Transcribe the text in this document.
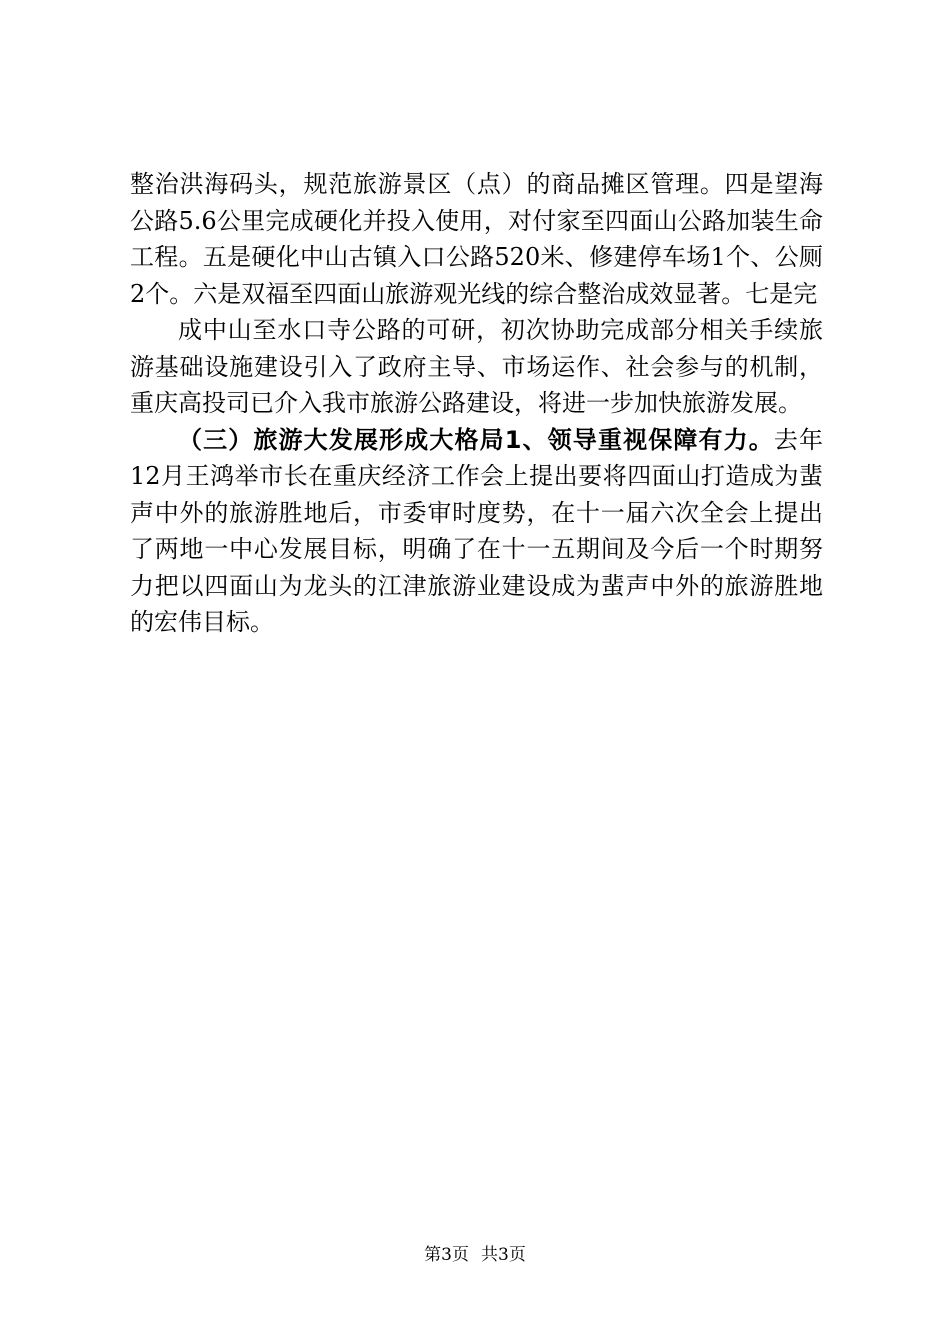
整治洪海码头，规范旅游景区（点）的商品摊区管理。四是望海公路5.6公里完成硬化并投入使用，对付家至四面山公路加装生命工程。五是硬化中山古镇入口公路520米、修建停车场1个、公厕2个。六是双福至四面山旅游观光线的综合整治成效显著。七是完

成中山至水口寺公路的可研，初次协助完成部分相关手续旅游基础设施建设引入了政府主导、市场运作、社会参与的机制，重庆高投司已介入我市旅游公路建设，将进一步加快旅游发展。

（三）旅游大发展形成大格局1、领导重视保障有力。去年12月王鸿举市长在重庆经济工作会上提出要将四面山打造成为蜚声中外的旅游胜地后，市委审时度势，在十一届六次全会上提出了两地一中心发展目标，明确了在十一五期间及今后一个时期努力把以四面山为龙头的江津旅游业建设成为蜚声中外的旅游胜地的宏伟目标。

第3页 共3页
